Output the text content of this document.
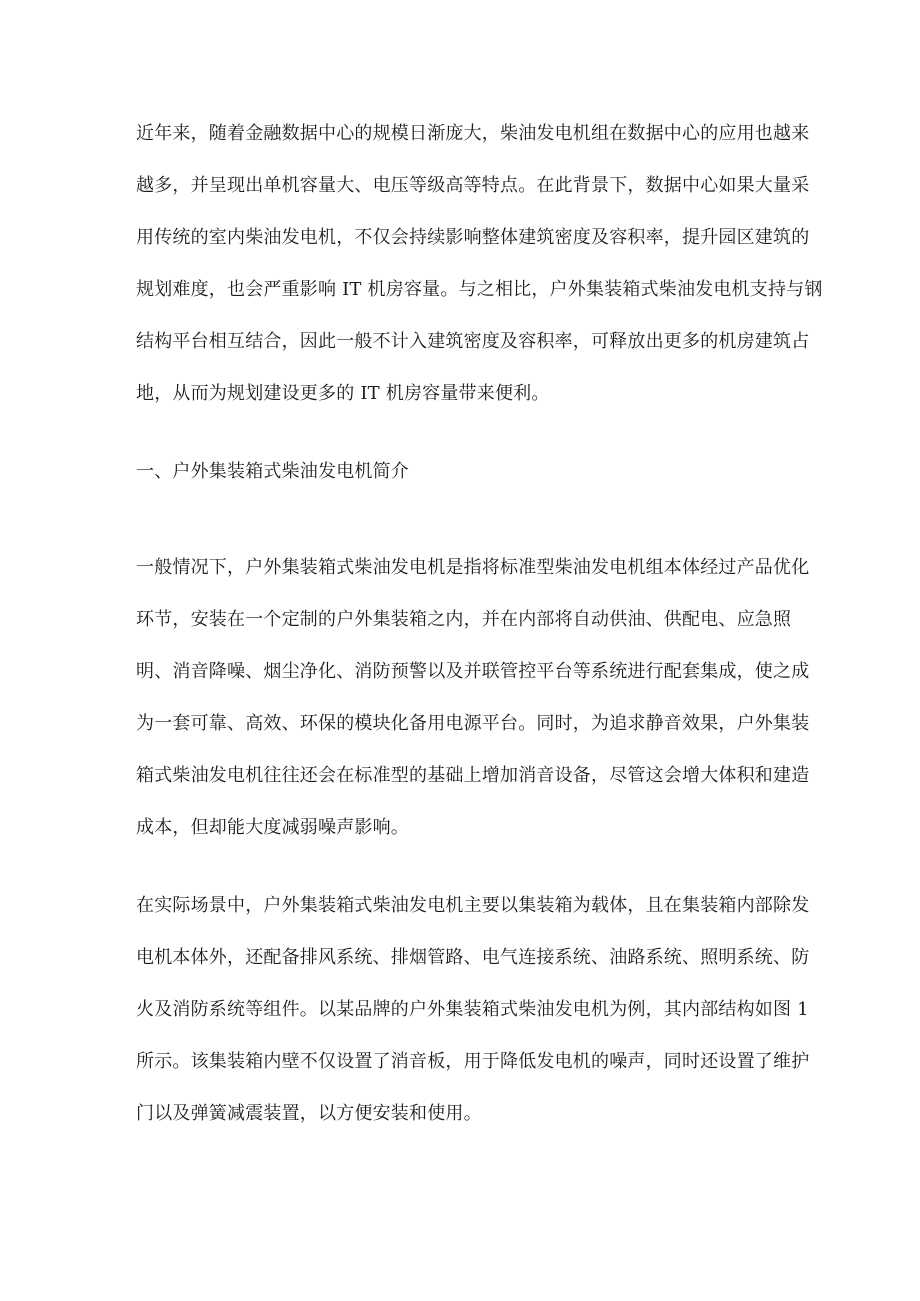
近年来，随着金融数据中心的规模日渐庞大，柴油发电机组在数据中心的应用也越来
越多，并呈现出单机容量大、电压等级高等特点。在此背景下，数据中心如果大量采
用传统的室内柴油发电机，不仅会持续影响整体建筑密度及容积率，提升园区建筑的
规划难度，也会严重影响 IT 机房容量。与之相比，户外集装箱式柴油发电机支持与钢
结构平台相互结合，因此一般不计入建筑密度及容积率，可释放出更多的机房建筑占
地，从而为规划建设更多的 IT 机房容量带来便利。
一、户外集装箱式柴油发电机简介
一般情况下，户外集装箱式柴油发电机是指将标准型柴油发电机组本体经过产品优化
环节，安装在一个定制的户外集装箱之内，并在内部将自动供油、供配电、应急照
明、消音降噪、烟尘净化、消防预警以及并联管控平台等系统进行配套集成，使之成
为一套可靠、高效、环保的模块化备用电源平台。同时，为追求静音效果，户外集装
箱式柴油发电机往往还会在标准型的基础上增加消音设备，尽管这会增大体积和建造
成本，但却能大度减弱噪声影响。
在实际场景中，户外集装箱式柴油发电机主要以集装箱为载体，且在集装箱内部除发
电机本体外，还配备排风系统、排烟管路、电气连接系统、油路系统、照明系统、防
火及消防系统等组件。以某品牌的户外集装箱式柴油发电机为例，其内部结构如图 1
所示。该集装箱内壁不仅设置了消音板，用于降低发电机的噪声，同时还设置了维护
门以及弹簧减震装置，以方便安装和使用。
